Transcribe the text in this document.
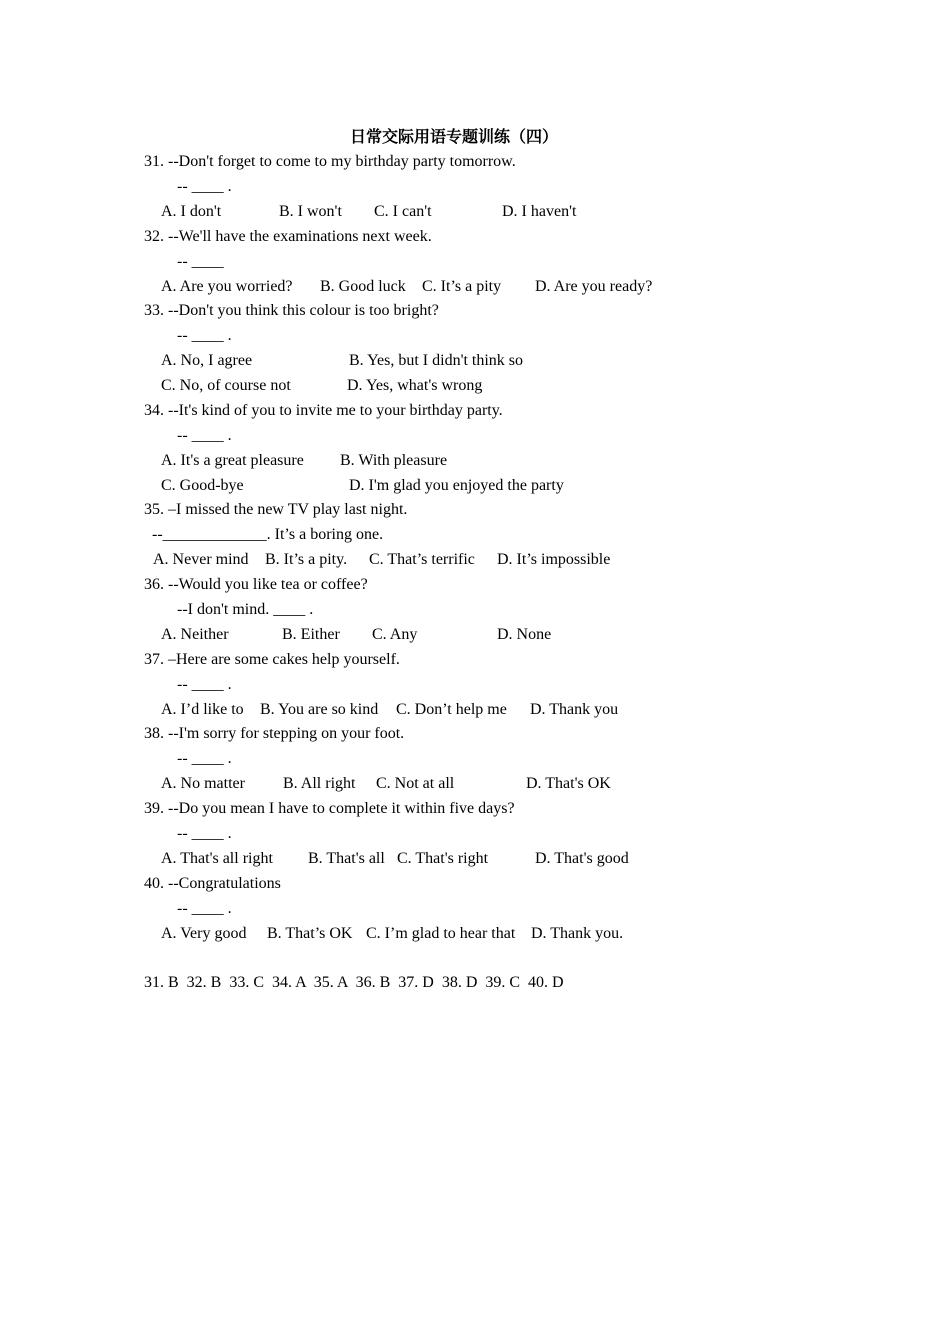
日常交际用语专题训练（四）
31. --Don't forget to come to my birthday party tomorrow.
-- ____ .
A. I don't	B. I won't C. I can't	D. I haven't
32. --We'll have the examinations next week.
-- ____
A. Are you worried? B. Good luck C. It’s a pity D. Are you ready?
33. --Don't you think this colour is too bright?
-- ____ .
A. No, I agree	B. Yes, but I didn't think so
C. No, of course not	D. Yes, what's wrong
34. --It's kind of you to invite me to your birthday party.
-- ____ .
A. It's a great pleasure B. With pleasure
C. Good-bye	D. I'm glad you enjoyed the party
35. –I missed the new TV play last night.
--_____________. It’s a boring one.
A. Never mind B. It’s a pity. C. That’s terrific D. It’s impossible
36. --Would you like tea or coffee?
--I don't mind. ____ .
A. Neither	B. Either C. Any	D. None
37. –Here are some cakes help yourself.
-- ____ .
A. I’d like to B. You are so kind C. Don’t help me D. Thank you
38. --I'm sorry for stepping on your foot.
-- ____ .
A. No matter B. All right C. Not at all	D. That's OK
39. --Do you mean I have to complete it within five days?
-- ____ .
A. That's all right B. That's all C. That's right	D. That's good
40. --Congratulations
-- ____ .
A. Very good B. That’s OK C. I’m glad to hear that D. Thank you.
31. B  32. B  33. C  34. A  35. A  36. B  37. D  38. D  39. C  40. D
